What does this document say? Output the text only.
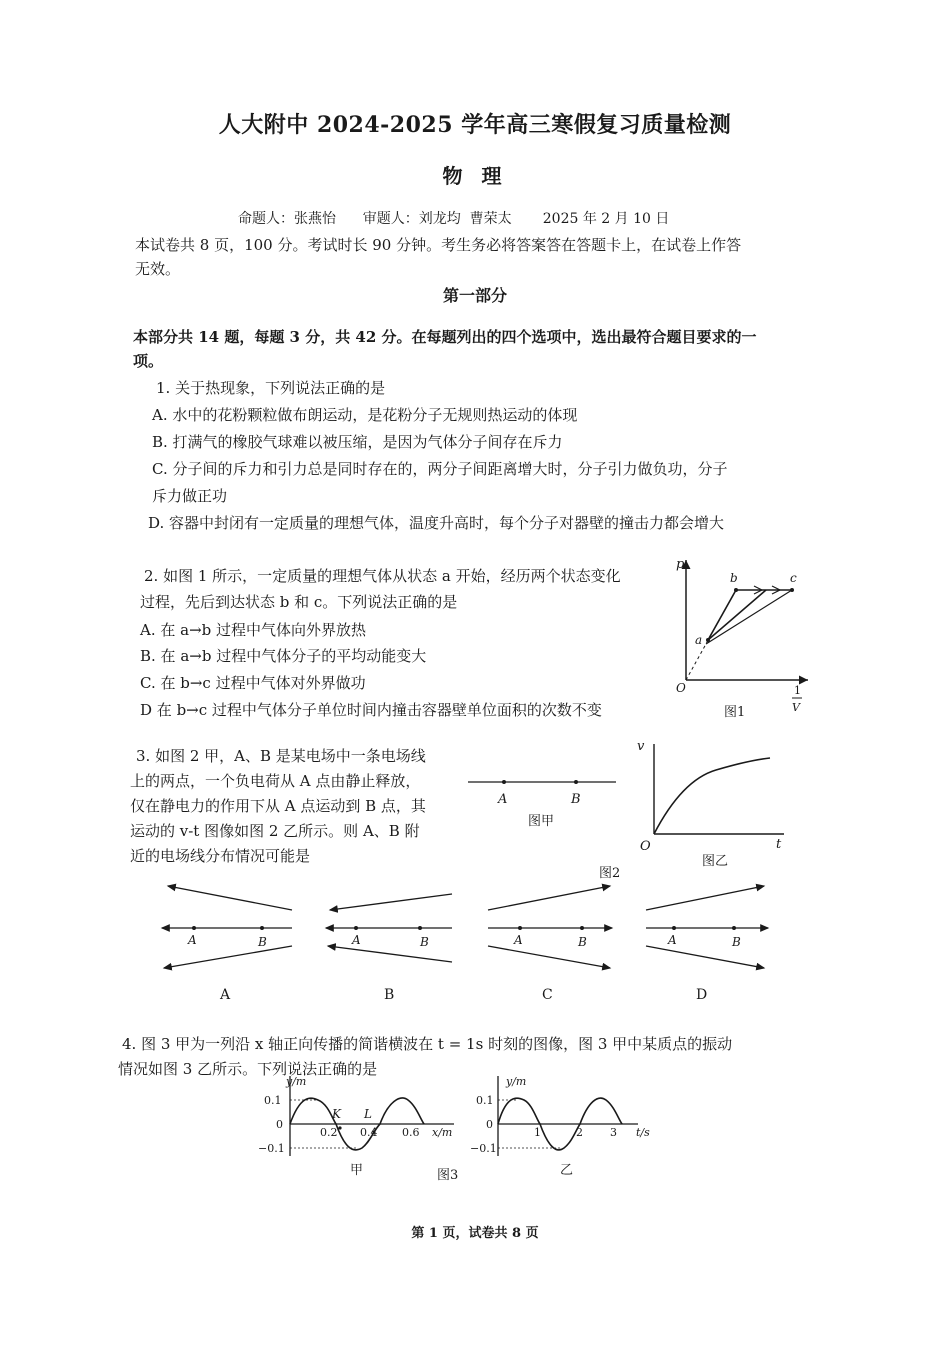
人大附中 2024-2025 学年高三寒假复习质量检测
物 理
命题人：张燕怡      审题人：刘龙均  曹荣太       2025 年 2 月 10 日
本试卷共 8 页，100 分。考试时长 90 分钟。考生务必将答案答在答题卡上，在试卷上作答
无效。
第一部分
本部分共 14 题，每题 3 分，共 42 分。在每题列出的四个选项中，选出最符合题目要求的一
项。
1. 关于热现象，下列说法正确的是
A. 水中的花粉颗粒做布朗运动，是花粉分子无规则热运动的体现
B. 打满气的橡胶气球难以被压缩，是因为气体分子间存在斥力
C. 分子间的斥力和引力总是同时存在的，两分子间距离增大时，分子引力做负功，分子
斥力做正功
D. 容器中封闭有一定质量的理想气体，温度升高时，每个分子对器壁的撞击力都会增大
2. 如图 1 所示，一定质量的理想气体从状态 a 开始，经历两个状态变化
过程，先后到达状态 b 和 c。下列说法正确的是
A. 在 a→b 过程中气体向外界放热
B. 在 a→b 过程中气体分子的平均动能变大
C. 在 b→c 过程中气体对外界做功
D 在 b→c 过程中气体分子单位时间内撞击容器壁单位面积的次数不变
p
O
a
b	c
1
V
图1
3. 如图 2 甲，A、B 是某电场中一条电场线
上的两点，一个负电荷从 A 点由静止释放，
仅在静电力的作用下从 A 点运动到 B 点，其
运动的 v-t 图像如图 2 乙所示。则 A、B 附
近的电场线分布情况可能是
A	B
图甲
v
O	t
图乙
图2
A	B
A
A	B
B
A	B
C
A	B
D
4. 图 3 甲为一列沿 x 轴正向传播的简谐横波在 t = 1s 时刻的图像，图 3 甲中某质点的振动
情况如图 3 乙所示。下列说法正确的是
y/m
0.1
0
−0.1
0.2 0.4 0.6 x/m
K L
甲	图3
y/m
0.1
0
−0.1
1	2 3 t/s
乙
第 1 页，试卷共 8 页
